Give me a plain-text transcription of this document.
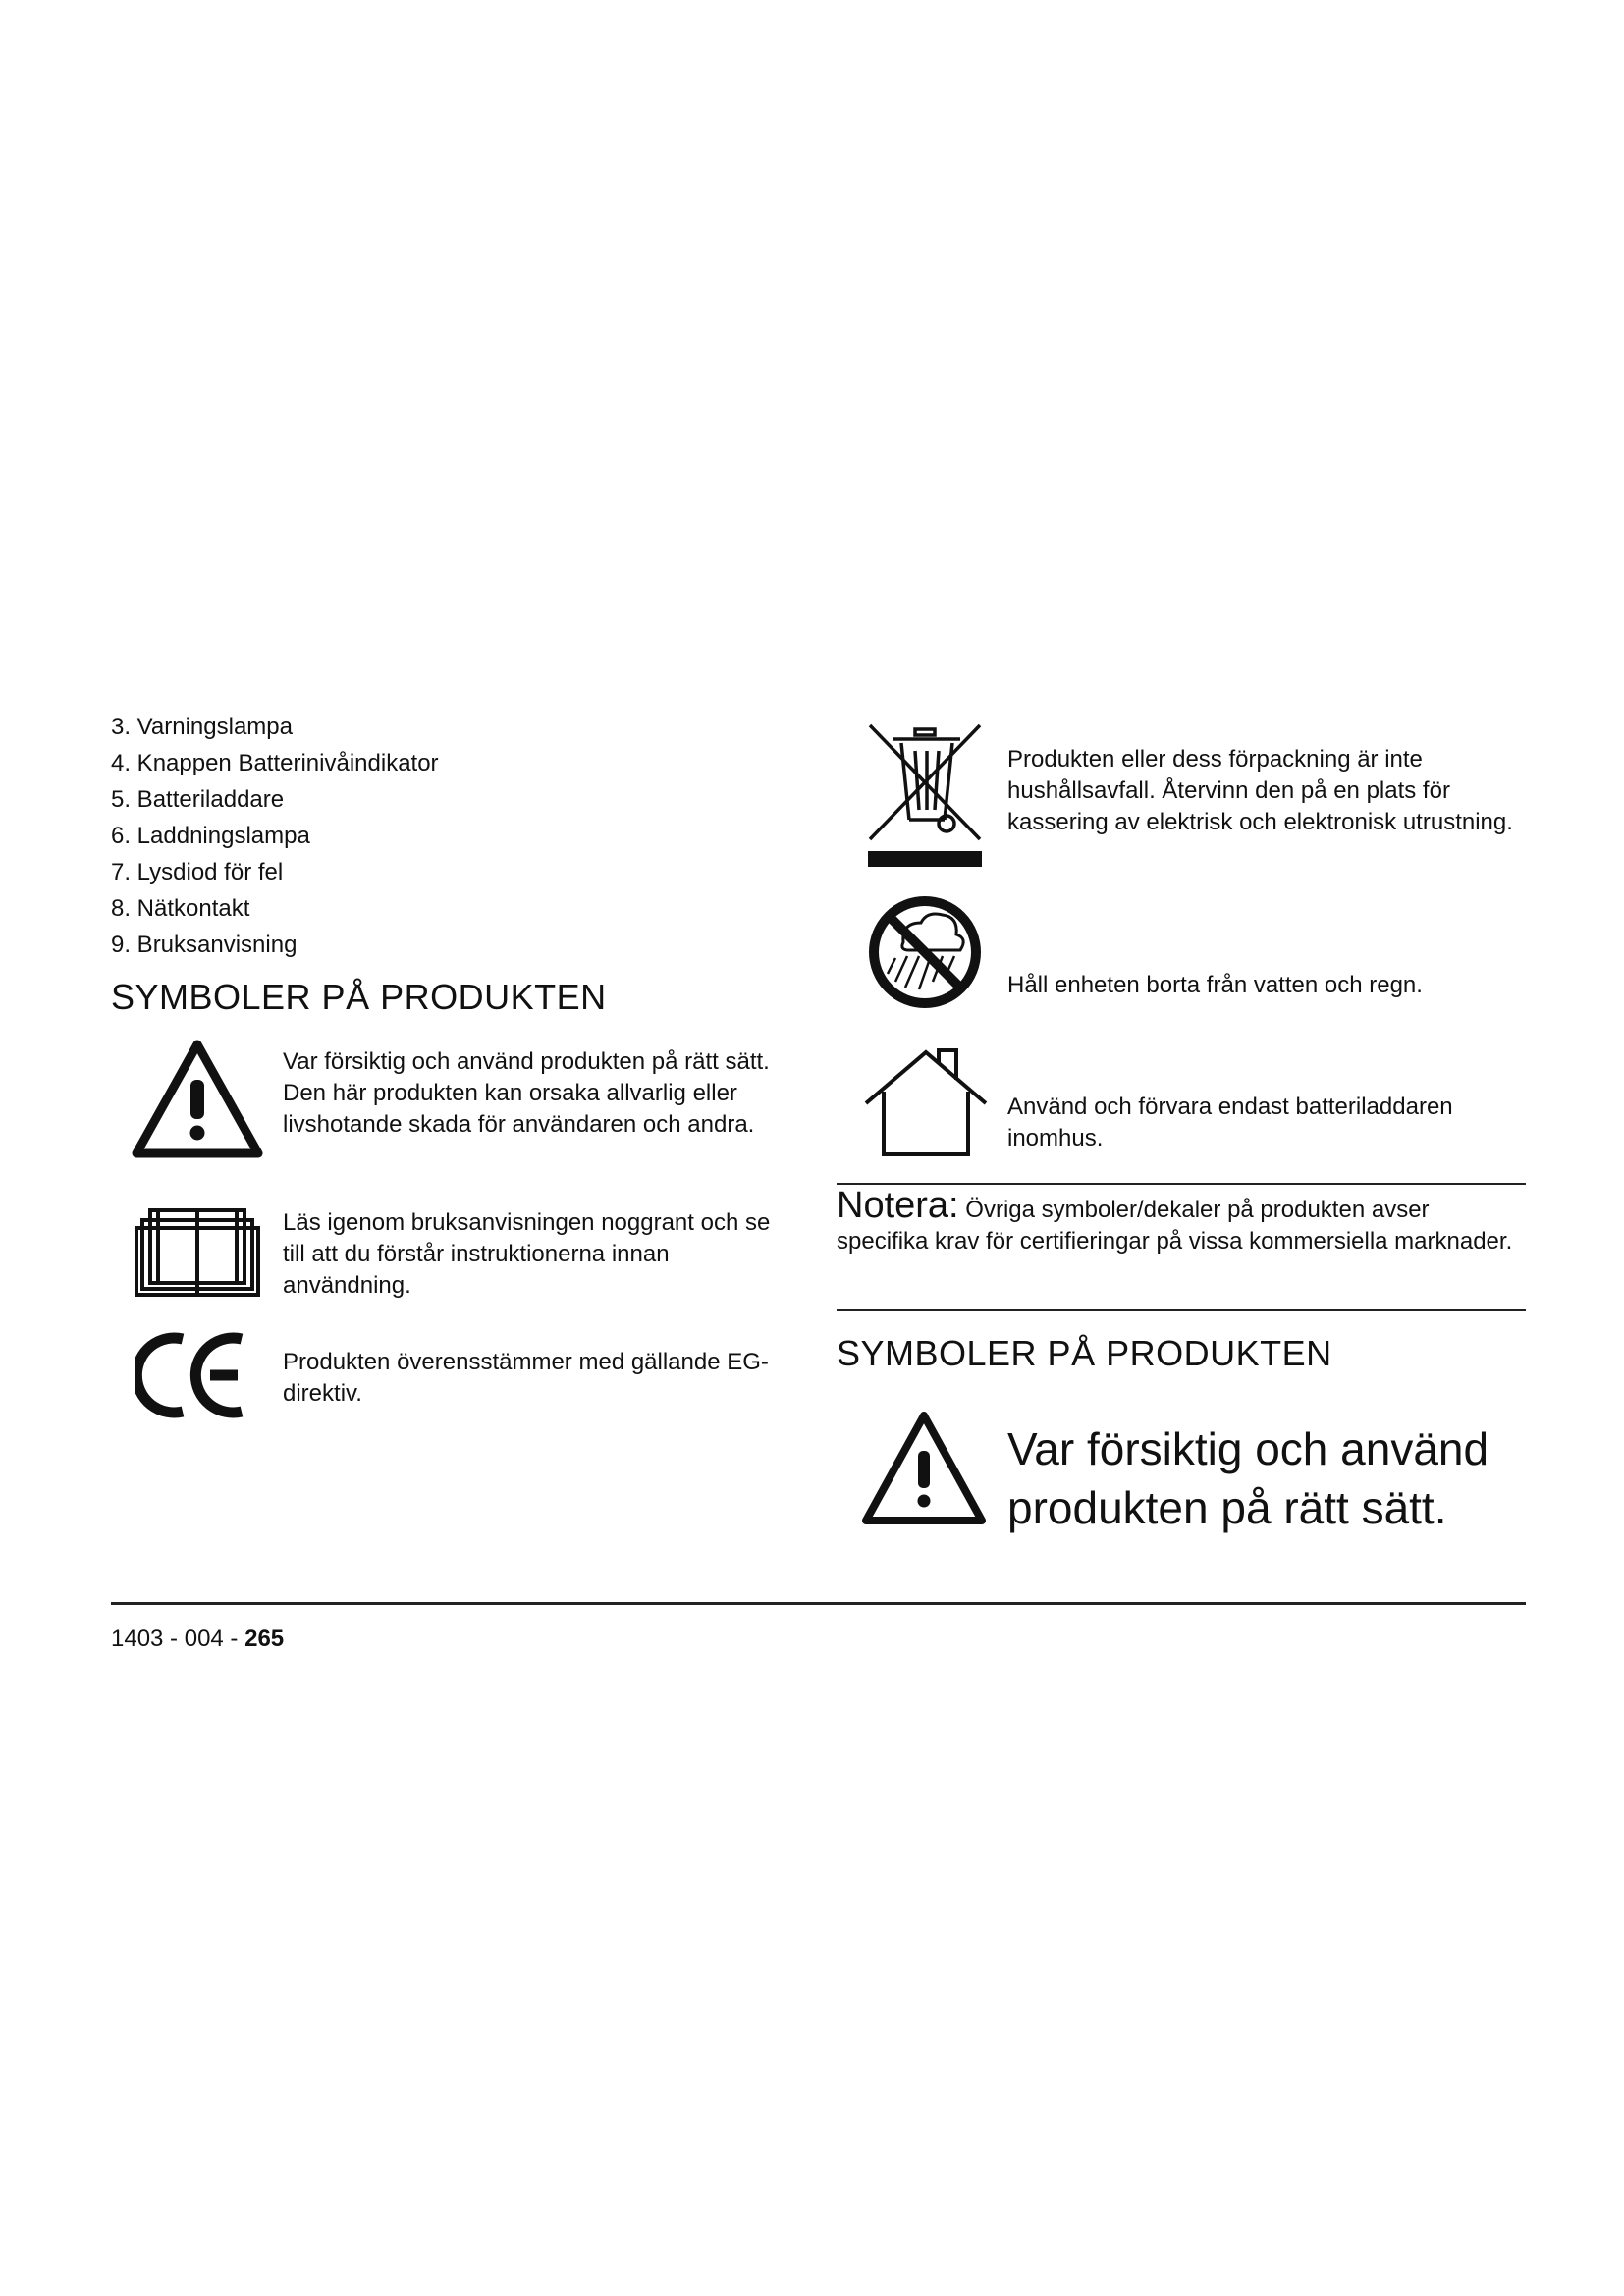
3. Varningslampa
4. Knappen Batterinivåindikator
5. Batteriladdare
6. Laddningslampa
7. Lysdiod för fel
8. Nätkontakt
9. Bruksanvisning
SYMBOLER PÅ PRODUKTEN

Var försiktig och använd produkten på rätt sätt. Den här produkten kan orsaka allvarlig eller livshotande skada för användaren och andra.

Läs igenom bruksanvisningen noggrant och se till att du förstår instruktionerna innan användning.

Produkten överensstämmer med gällande EG-direktiv.

Produkten eller dess förpackning är inte hushållsavfall. Återvinn den på en plats för kassering av elektrisk och elektronisk utrustning.

Håll enheten borta från vatten och regn.

Använd och förvara endast batteriladdaren inomhus.

Notera: Övriga symboler/dekaler på produkten avser specifika krav för certifieringar på vissa kommersiella marknader.

SYMBOLER PÅ PRODUKTEN

Var försiktig och använd produkten på rätt sätt.

1403 - 004 - 265
